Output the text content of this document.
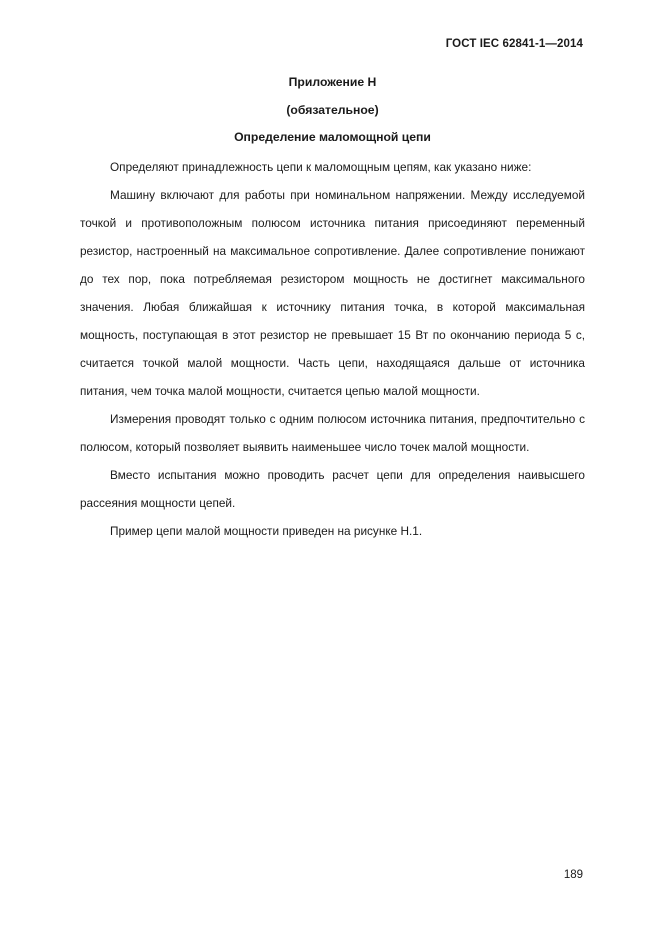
ГОСТ IEC 62841-1—2014
Приложение H
(обязательное)
Определение маломощной цепи

Определяют принадлежность цепи к маломощным цепям, как указано ниже:

Машину включают для работы при номинальном напряжении. Между исследуемой точкой и противоположным полюсом источника питания присоединяют переменный резистор, настроенный на максимальное сопротивление. Далее сопротивление понижают до тех пор, пока потребляемая резистором мощность не достигнет максимального значения. Любая ближайшая к источнику питания точка, в которой максимальная мощность, поступающая в этот резистор не превышает 15 Вт по окончанию периода 5 с, считается точкой малой мощности. Часть цепи, находящаяся дальше от источника питания, чем точка малой мощности, считается цепью малой мощности.

Измерения проводят только с одним полюсом источника питания, предпочтительно с полюсом, который позволяет выявить наименьшее число точек малой мощности.

Вместо испытания можно проводить расчет цепи для определения наивысшего рассеяния мощности цепей.

Пример цепи малой мощности приведен на рисунке H.1.

189
